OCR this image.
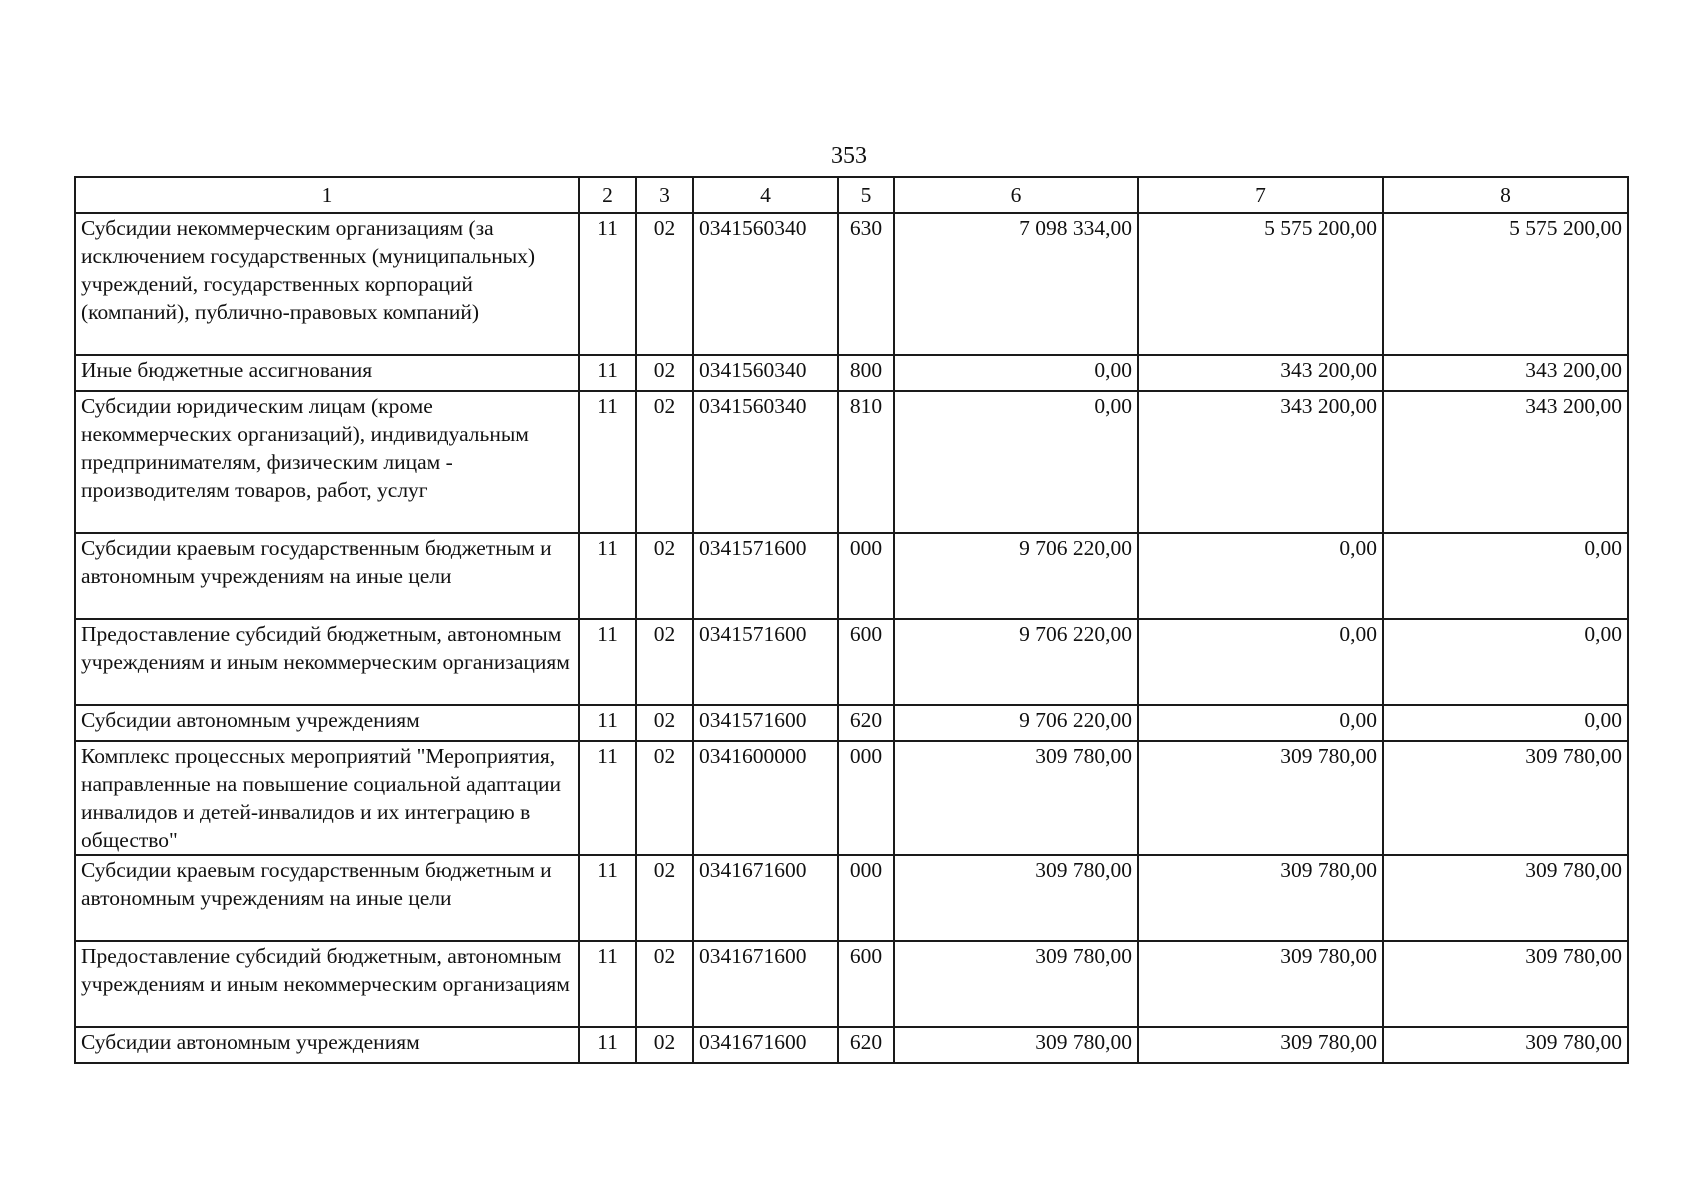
353
1	2	3	4	5	6	7	8
Субсидии некоммерческим организациям (за исключением государственных (муниципальных) учреждений, государственных корпораций (компаний), публично-правовых компаний)	11	02	0341560340	630	7 098 334,00	5 575 200,00	5 575 200,00
Иные бюджетные ассигнования	11	02	0341560340	800	0,00	343 200,00	343 200,00
Субсидии юридическим лицам (кроме некоммерческих организаций), индивидуальным предпринимателям, физическим лицам - производителям товаров, работ, услуг	11	02	0341560340	810	0,00	343 200,00	343 200,00
Субсидии краевым государственным бюджетным и автономным учреждениям на иные цели	11	02	0341571600	000	9 706 220,00	0,00	0,00
Предоставление субсидий бюджетным, автономным учреждениям и иным некоммерческим организациям	11	02	0341571600	600	9 706 220,00	0,00	0,00
Субсидии автономным учреждениям	11	02	0341571600	620	9 706 220,00	0,00	0,00
Комплекс процессных мероприятий "Мероприятия, направленные на повышение социальной адаптации инвалидов и детей-инвалидов и их интеграцию в общество"	11	02	0341600000	000	309 780,00	309 780,00	309 780,00
Субсидии краевым государственным бюджетным и автономным учреждениям на иные цели	11	02	0341671600	000	309 780,00	309 780,00	309 780,00
Предоставление субсидий бюджетным, автономным учреждениям и иным некоммерческим организациям	11	02	0341671600	600	309 780,00	309 780,00	309 780,00
Субсидии автономным учреждениям	11	02	0341671600	620	309 780,00	309 780,00	309 780,00
